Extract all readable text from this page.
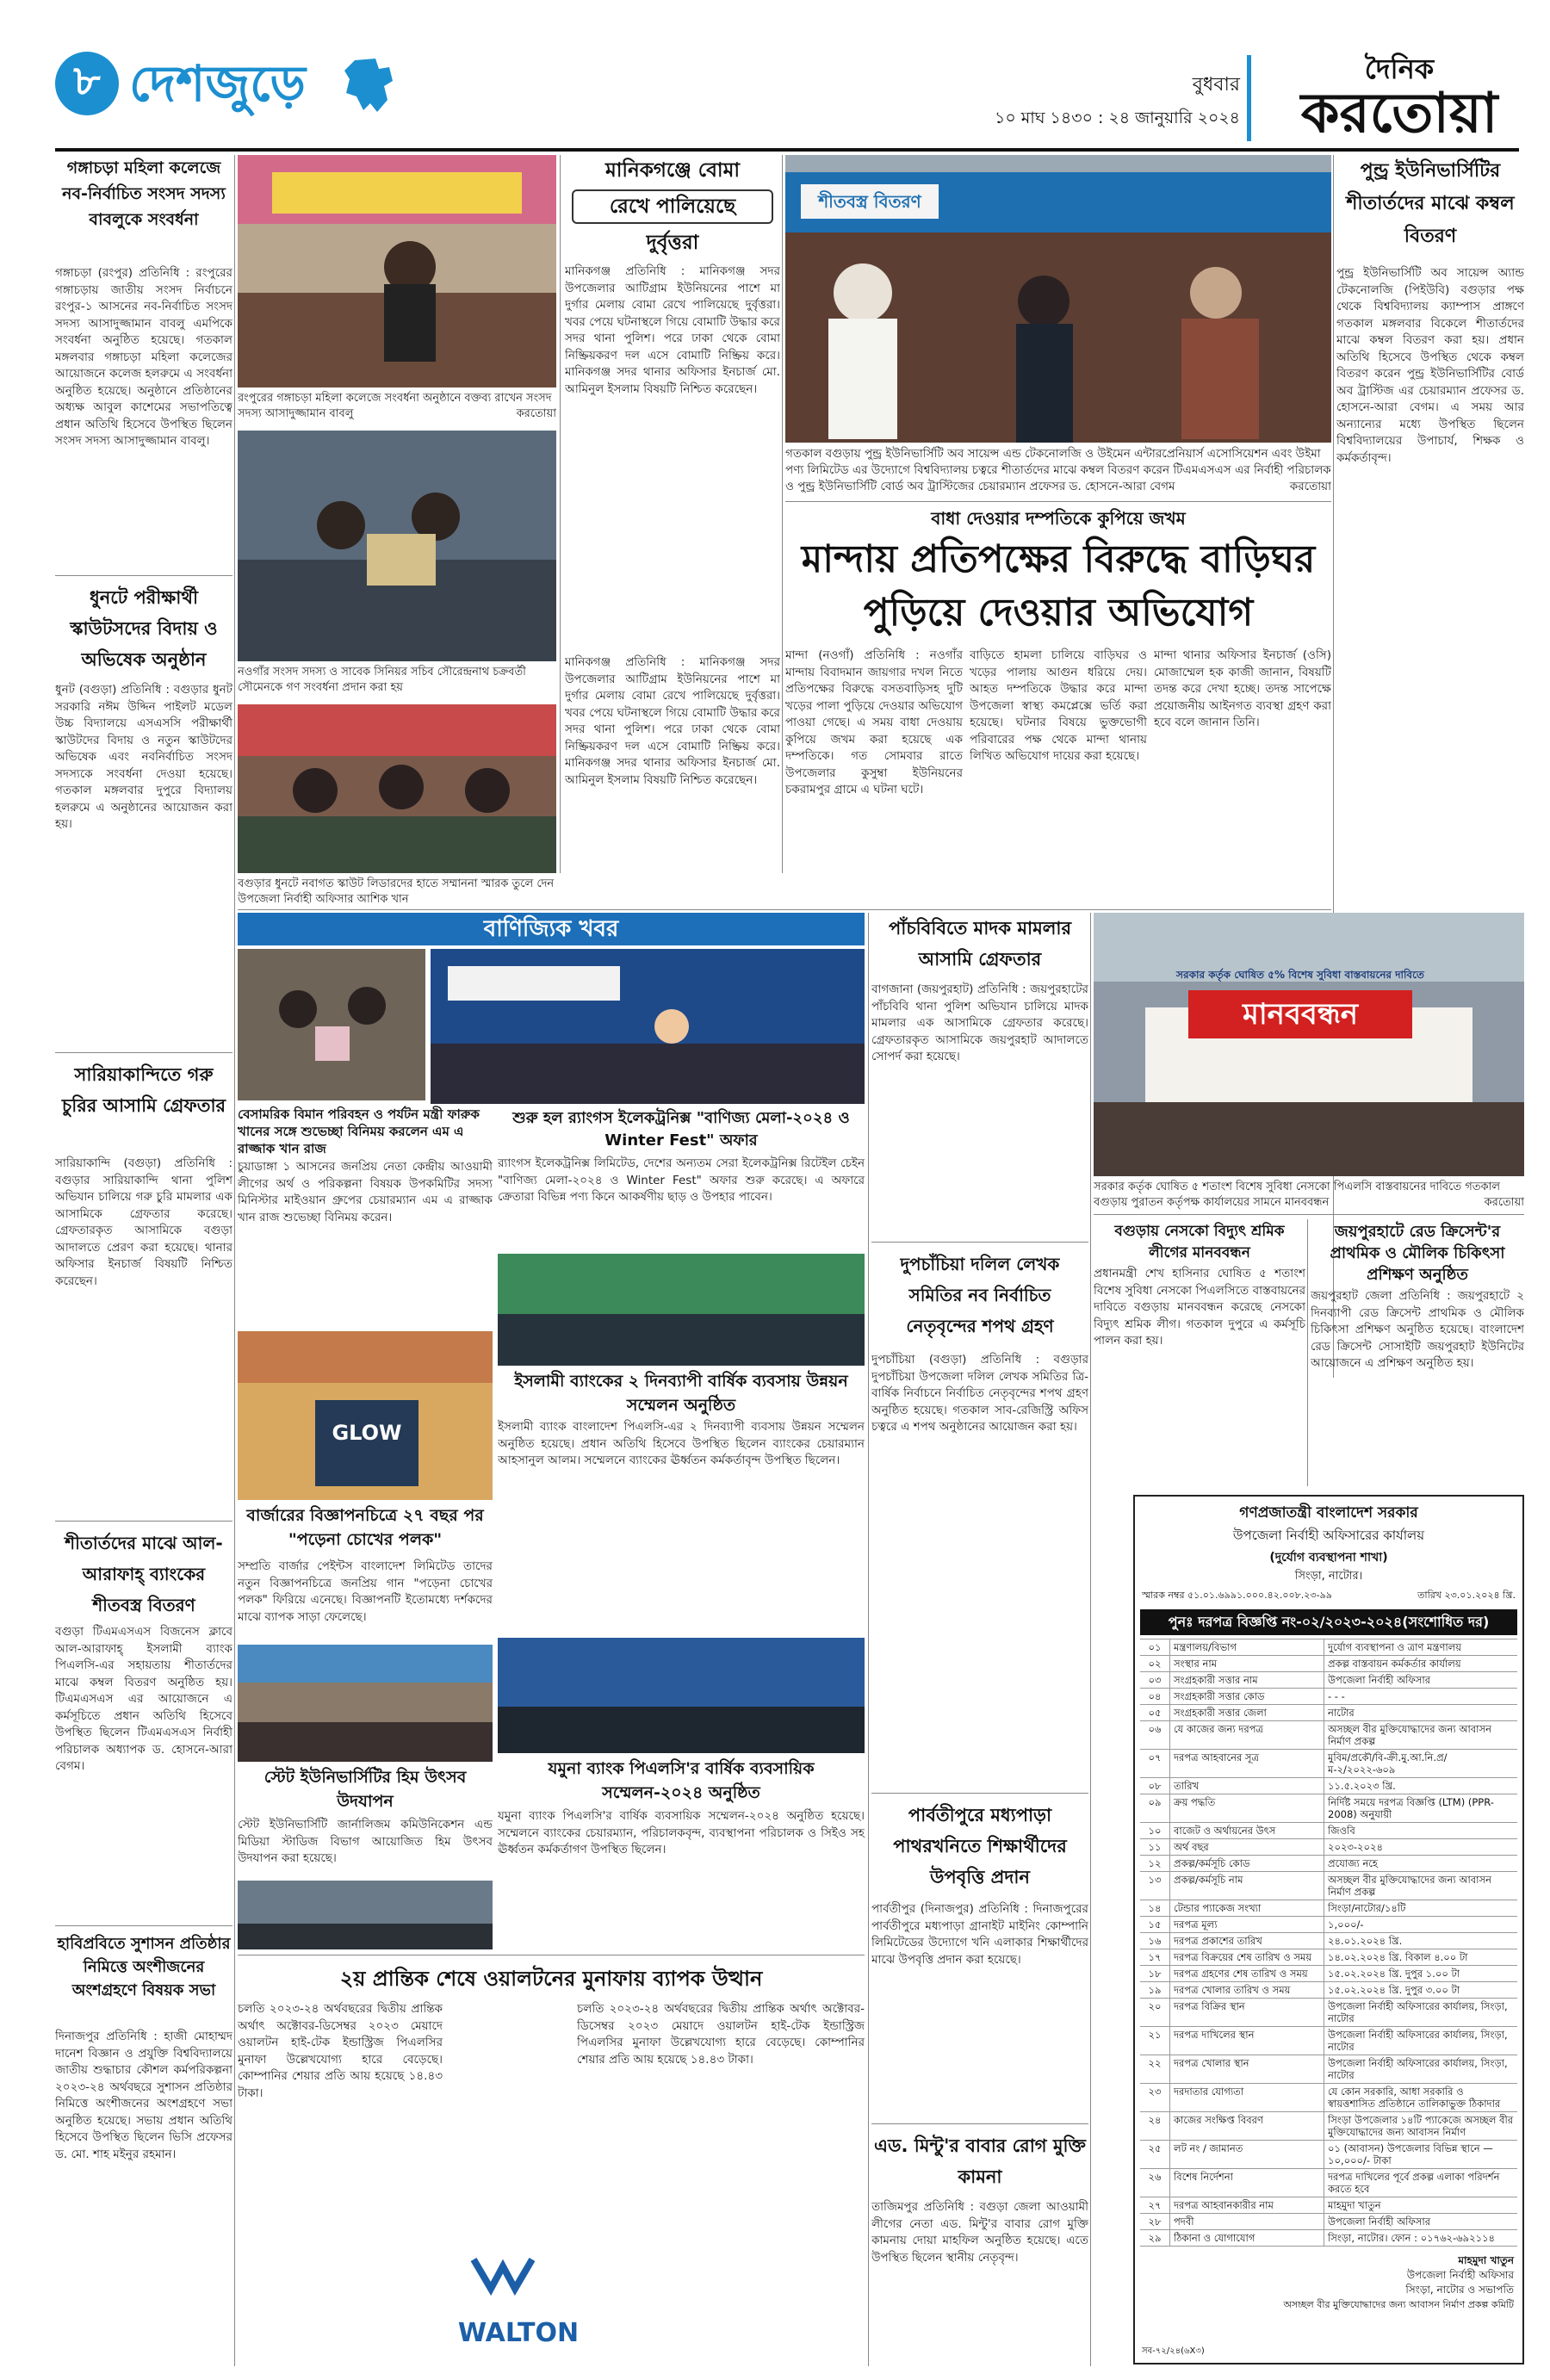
৮ দেশজুড়ে	বুধবার
১০ মাঘ ১৪৩০ : ২৪ জানুয়ারি ২০২৪
দৈনিক
করতোয়া
গঙ্গাচড়া মহিলা কলেজে নব-নির্বাচিত সংসদ সদস্য বাবলুকে সংবর্ধনা
গঙ্গাচড়া (রংপুর) প্রতিনিধি : রংপুরের গঙ্গাচড়ায় জাতীয় সংসদ নির্বাচনে রংপুর-১ আসনের নব-নির্বাচিত সংসদ সদস্য আসাদুজ্জামান বাবলু এমপিকে সংবর্ধনা অনুষ্ঠিত হয়েছে। গতকাল মঙ্গলবার গঙ্গাচড়া মহিলা কলেজের আয়োজনে কলেজ হলরুমে এ সংবর্ধনা অনুষ্ঠিত হয়েছে। অনুষ্ঠানে প্রতিষ্ঠানের অধ্যক্ষ আবুল কাশেমের সভাপতিত্বে প্রধান অতিথি হিসেবে উপস্থিত ছিলেন সংসদ সদস্য আসাদুজ্জামান বাবলু।
ধুনটে পরীক্ষার্থী স্কাউটসদের বিদায় ও অভিষেক অনুষ্ঠান
ধুনট (বগুড়া) প্রতিনিধি : বগুড়ার ধুনট সরকারি নঈম উদ্দিন পাইলট মডেল উচ্চ বিদ্যালয়ে এসএসসি পরীক্ষার্থী স্কাউটদের বিদায় ও নতুন স্কাউটদের অভিষেক এবং নবনির্বাচিত সংসদ সদস্যকে সংবর্ধনা দেওয়া হয়েছে। গতকাল মঙ্গলবার দুপুরে বিদ্যালয় হলরুমে এ অনুষ্ঠানের আয়োজন করা হয়।
সারিয়াকান্দিতে গরু চুরির আসামি গ্রেফতার
সারিয়াকান্দি (বগুড়া) প্রতিনিধি : বগুড়ার সারিয়াকান্দি থানা পুলিশ অভিযান চালিয়ে গরু চুরি মামলার এক আসামিকে গ্রেফতার করেছে। গ্রেফতারকৃত আসামিকে বগুড়া আদালতে প্রেরণ করা হয়েছে। থানার অফিসার ইনচার্জ বিষয়টি নিশ্চিত করেছেন।
শীতার্তদের মাঝে আল-আরাফাহ্ ব্যাংকের শীতবস্ত্র বিতরণ
বগুড়া টিএমএসএস বিজনেস ক্লাবে আল-আরাফাহ্ ইসলামী ব্যাংক পিএলসি-এর সহায়তায় শীতার্তদের মাঝে কম্বল বিতরণ অনুষ্ঠিত হয়। টিএমএসএস এর আয়োজনে এ কর্মসূচিতে প্রধান অতিথি হিসেবে উপস্থিত ছিলেন টিএমএসএস নির্বাহী পরিচালক অধ্যাপক ড. হোসনে-আরা বেগম।
হাবিপ্রবিতে সুশাসন প্রতিষ্ঠার নিমিত্তে অংশীজনের অংশগ্রহণে বিষয়ক সভা
দিনাজপুর প্রতিনিধি : হাজী মোহাম্মদ দানেশ বিজ্ঞান ও প্রযুক্তি বিশ্ববিদ্যালয়ে জাতীয় শুদ্ধাচার কৌশল কর্মপরিকল্পনা ২০২৩-২৪ অর্থবছরে সুশাসন প্রতিষ্ঠার নিমিত্তে অংশীজনের অংশগ্রহণে সভা অনুষ্ঠিত হয়েছে। সভায় প্রধান অতিথি হিসেবে উপস্থিত ছিলেন ভিসি প্রফেসর ড. মো. শাহ মইনুর রহমান।
রংপুরের গঙ্গাচড়া মহিলা কলেজে সংবর্ধনা অনুষ্ঠানে বক্তব্য রাখেন সংসদ সদস্য আসাদুজ্জামান বাবলু	করতোয়া
নওগাঁর সংসদ সদস্য ও সাবেক সিনিয়র সচিব সৌরেন্দ্রনাথ চক্রবর্তী সৌমেনকে গণ সংবর্ধনা প্রদান করা হয়
বগুড়ার ধুনটে নবাগত স্কাউট লিডারদের হাতে সম্মাননা স্মারক তুলে দেন উপজেলা নির্বাহী অফিসার আশিক খান
মানিকগঞ্জে বোমা
রেখে পালিয়েছে
দুর্বৃত্তরা
মানিকগঞ্জ প্রতিনিধি : মানিকগঞ্জ সদর উপজেলার আটিগ্রাম ইউনিয়নের পাশে মা দুর্গার মেলায় বোমা রেখে পালিয়েছে দুর্বৃত্তরা। খবর পেয়ে ঘটনাস্থলে গিয়ে বোমাটি উদ্ধার করে সদর থানা পুলিশ। পরে ঢাকা থেকে বোমা নিষ্ক্রিয়করণ দল এসে বোমাটি নিষ্ক্রিয় করে। মানিকগঞ্জ সদর থানার অফিসার ইনচার্জ মো. আমিনুল ইসলাম বিষয়টি নিশ্চিত করেছেন।
মানিকগঞ্জ প্রতিনিধি : মানিকগঞ্জ সদর উপজেলার আটিগ্রাম ইউনিয়নের পাশে মা দুর্গার মেলায় বোমা রেখে পালিয়েছে দুর্বৃত্তরা। খবর পেয়ে ঘটনাস্থলে গিয়ে বোমাটি উদ্ধার করে সদর থানা পুলিশ। পরে ঢাকা থেকে বোমা নিষ্ক্রিয়করণ দল এসে বোমাটি নিষ্ক্রিয় করে। মানিকগঞ্জ সদর থানার অফিসার ইনচার্জ মো. আমিনুল ইসলাম বিষয়টি নিশ্চিত করেছেন।
শীতবস্ত্র বিতরণ
গতকাল বগুড়ায় পুন্ড্র ইউনিভার্সিটি অব সায়েন্স এন্ড টেকনোলজি ও উইমেন এন্টারপ্রেনিয়ার্স এসোসিয়েশন এবং উইমা পণ্য লিমিটেড এর উদ্যোগে বিশ্ববিদ্যালয় চত্বরে শীতার্তদের মাঝে কম্বল বিতরণ করেন টিএমএসএস এর নির্বাহী পরিচালক ও পুন্ড্র ইউনিভার্সিটি বোর্ড অব ট্রাস্টিজের চেয়ারম্যান প্রফেসর ড. হোসনে-আরা বেগম	করতোয়া
পুন্ড্র ইউনিভার্সিটির শীতার্তদের মাঝে কম্বল বিতরণ
পুন্ড্র ইউনিভার্সিটি অব সায়েন্স অ্যান্ড টেকনোলজি (পিইউবি) বগুড়ার পক্ষ থেকে বিশ্ববিদ্যালয় ক্যাম্পাস প্রাঙ্গণে গতকাল মঙ্গলবার বিকেলে শীতার্তদের মাঝে কম্বল বিতরণ করা হয়। প্রধান অতিথি হিসেবে উপস্থিত থেকে কম্বল বিতরণ করেন পুন্ড্র ইউনিভার্সিটির বোর্ড অব ট্রাস্টিজ এর চেয়ারম্যান প্রফেসর ড. হোসনে-আরা বেগম। এ সময় আর অন্যান্যের মধ্যে উপস্থিত ছিলেন বিশ্ববিদ্যালয়ের উপাচার্য, শিক্ষক ও কর্মকর্তাবৃন্দ।
বাধা দেওয়ার দম্পতিকে কুপিয়ে জখম
মান্দায় প্রতিপক্ষের বিরুদ্ধে বাড়িঘর
পুড়িয়ে দেওয়ার অভিযোগ
মান্দা (নওগাঁ) প্রতিনিধি : নওগাঁর মান্দায় বিবাদমান জায়গার দখল নিতে প্রতিপক্ষের বিরুদ্ধে বসতবাড়িসহ দুটি খড়ের পালা পুড়িয়ে দেওয়ার অভিযোগ পাওয়া গেছে। এ সময় বাধা দেওয়ায় কুপিয়ে জখম করা হয়েছে এক দম্পতিকে। গত সোমবার রাতে উপজেলার কুসুম্বা ইউনিয়নের চকরামপুর গ্রামে এ ঘটনা ঘটে।
বাড়িতে হামলা চালিয়ে বাড়িঘর ও খড়ের পালায় আগুন ধরিয়ে দেয়। আহত দম্পতিকে উদ্ধার করে মান্দা উপজেলা স্বাস্থ্য কমপ্লেক্সে ভর্তি করা হয়েছে। ঘটনার বিষয়ে ভুক্তভোগী পরিবারের পক্ষ থেকে মান্দা থানায় লিখিত অভিযোগ দায়ের করা হয়েছে।
মান্দা থানার অফিসার ইনচার্জ (ওসি) মোজাম্মেল হক কাজী জানান, বিষয়টি তদন্ত করে দেখা হচ্ছে। তদন্ত সাপেক্ষে প্রয়োজনীয় আইনগত ব্যবস্থা গ্রহণ করা হবে বলে জানান তিনি।
বাণিজ্যিক খবর	পাঁচবিবিতে মাদক মামলার আসামি গ্রেফতার
বাগজানা (জয়পুরহাট) প্রতিনিধি : জয়পুরহাটের পাঁচবিবি থানা পুলিশ অভিযান চালিয়ে মাদক মামলার এক আসামিকে গ্রেফতার করেছে। গ্রেফতারকৃত আসামিকে জয়পুরহাট আদালতে সোপর্দ করা হয়েছে।
দুপচাঁচিয়া দলিল লেখক সমিতির নব নির্বাচিত নেতৃবৃন্দের শপথ গ্রহণ
দুপচাঁচিয়া (বগুড়া) প্রতিনিধি : বগুড়ার দুপচাঁচিয়া উপজেলা দলিল লেখক সমিতির ত্রি-বার্ষিক নির্বাচনে নির্বাচিত নেতৃবৃন্দের শপথ গ্রহণ অনুষ্ঠিত হয়েছে। গতকাল সাব-রেজিস্ট্রি অফিস চত্বরে এ শপথ অনুষ্ঠানের আয়োজন করা হয়।
পার্বতীপুরে মধ্যপাড়া পাথরখনিতে শিক্ষার্থীদের উপবৃত্তি প্রদান
পার্বতীপুর (দিনাজপুর) প্রতিনিধি : দিনাজপুরের পার্বতীপুরে মধ্যপাড়া গ্রানাইট মাইনিং কোম্পানি লিমিটেডের উদ্যোগে খনি এলাকার শিক্ষার্থীদের মাঝে উপবৃত্তি প্রদান করা হয়েছে।
এড. মিন্টু'র বাবার রোগ মুক্তি কামনা
তাজিমপুর প্রতিনিধি : বগুড়া জেলা আওয়ামী লীগের নেতা এড. মিন্টু'র বাবার রোগ মুক্তি কামনায় দোয়া মাহফিল অনুষ্ঠিত হয়েছে। এতে উপস্থিত ছিলেন স্থানীয় নেতৃবৃন্দ।
সরকার কর্তৃক ঘোষিত ৫% বিশেষ সুবিধা বাস্তবায়নের দাবিতে
মানববন্ধন
সরকার কর্তৃক ঘোষিত ৫ শতাংশ বিশেষ সুবিধা নেসকো পিএলসি বাস্তবায়নের দাবিতে গতকাল বগুড়ায় পুরাতন কর্তৃপক্ষ কার্যালয়ের সামনে মানববন্ধন	করতোয়া
বগুড়ায় নেসকো বিদ্যুৎ শ্রমিক লীগের মানববন্ধন
প্রধানমন্ত্রী শেখ হাসিনার ঘোষিত ৫ শতাংশ বিশেষ সুবিধা নেসকো পিএলসিতে বাস্তবায়নের দাবিতে বগুড়ায় মানববন্ধন করেছে নেসকো বিদ্যুৎ শ্রমিক লীগ। গতকাল দুপুরে এ কর্মসূচি পালন করা হয়।
জয়পুরহাটে রেড ক্রিসেন্ট'র প্রাথমিক ও মৌলিক চিকিৎসা প্রশিক্ষণ অনুষ্ঠিত
জয়পুরহাট জেলা প্রতিনিধি : জয়পুরহাটে ২ দিনব্যাপী রেড ক্রিসেন্ট প্রাথমিক ও মৌলিক চিকিৎসা প্রশিক্ষণ অনুষ্ঠিত হয়েছে। বাংলাদেশ রেড ক্রিসেন্ট সোসাইটি জয়পুরহাট ইউনিটের আয়োজনে এ প্রশিক্ষণ অনুষ্ঠিত হয়।
গণপ্রজাতন্ত্রী বাংলাদেশ সরকার
উপজেলা নির্বাহী অফিসারের কার্যালয়
(দুর্যোগ ব্যবস্থাপনা শাখা)
সিংড়া, নাটোর।
স্মারক নম্বর ৫১.০১.৬৯৯১.০০০.৪২.০০৮.২৩-৯৯	তারিখ ২৩.০১.২০২৪ খ্রি.
পুনঃ দরপত্র বিজ্ঞপ্তি নং-০২/২০২৩-২০২৪(সংশোধিত দর)
০১	মন্ত্রণালয়/বিভাগ	দুর্যোগ ব্যবস্থাপনা ও ত্রাণ মন্ত্রণালয়
০২	সংস্থার নাম	প্রকল্প বাস্তবায়ন কর্মকর্তার কার্যালয়
০৩	সংগ্রহকারী সত্তার নাম	উপজেলা নির্বাহী অফিসার
০৪	সংগ্রহকারী সত্তার কোড	- - -
০৫	সংগ্রহকারী সত্তার জেলা	নাটোর
০৬	যে কাজের জন্য দরপত্র	অসচ্ছল বীর মুক্তিযোদ্ধাদের জন্য আবাসন নির্মাণ প্রকল্প
০৭	দরপত্র আহবানের সূত্র	মুবিম/প্রকৌ/বি-ক্রী.মু.আ.নি.প্র/ম-২/২০২২-৬০৯
০৮	তারিখ	১১.৫.২০২৩ খ্রি.
০৯	ক্রয় পদ্ধতি	নির্দিষ্ট সময়ে দরপত্র বিজ্ঞপ্তি (LTM) (PPR-2008) অনুযায়ী
১০	বাজেট ও অর্থায়নের উৎস	জিওবি
১১	অর্থ বছর	২০২৩-২০২৪
১২	প্রকল্প/কর্মসূচি কোড	প্রযোজ্য নহে
১৩	প্রকল্প/কর্মসূচি নাম	অসচ্ছল বীর মুক্তিযোদ্ধাদের জন্য আবাসন নির্মাণ প্রকল্প
১৪	টেন্ডার প্যাকেজ সংখ্যা	সিংড়া/নাটোর/১৪টি
১৫	দরপত্র মূল্য	১,০০০/-
১৬	দরপত্র প্রকাশের তারিখ	২৪.০১.২০২৪ খ্রি.
১৭	দরপত্র বিক্রয়ের শেষ তারিখ ও সময়	১৪.০২.২০২৪ খ্রি. বিকাল ৪.০০ টা
১৮	দরপত্র গ্রহণের শেষ তারিখ ও সময়	১৫.০২.২০২৪ খ্রি. দুপুর ১.০০ টা
১৯	দরপত্র খোলার তারিখ ও সময়	১৫.০২.২০২৪ খ্রি. দুপুর ৩.০০ টা
২০	দরপত্র বিক্রির স্থান	উপজেলা নির্বাহী অফিসারের কার্যালয়, সিংড়া, নাটোর
২১	দরপত্র দাখিলের স্থান	উপজেলা নির্বাহী অফিসারের কার্যালয়, সিংড়া, নাটোর
২২	দরপত্র খোলার স্থান	উপজেলা নির্বাহী অফিসারের কার্যালয়, সিংড়া, নাটোর
২৩	দরদাতার যোগ্যতা	যে কোন সরকারি, আধা সরকারি ও স্বায়ত্তশাসিত প্রতিষ্ঠানে তালিকাভুক্ত ঠিকাদার
২৪	কাজের সংক্ষিপ্ত বিবরণ	সিংড়া উপজেলার ১৪টি প্যাকেজে অসচ্ছল বীর মুক্তিযোদ্ধাদের জন্য আবাসন নির্মাণ
২৫	লট নং / জামানত	০১ (আবাসন) উপজেলার বিভিন্ন স্থানে — ১০,০০০/- টাকা
২৬	বিশেষ নির্দেশনা	দরপত্র দাখিলের পূর্বে প্রকল্প এলাকা পরিদর্শন করতে হবে
২৭	দরপত্র আহবানকারীর নাম	মাহমুদা খাতুন
২৮	পদবী	উপজেলা নির্বাহী অফিসার
২৯	ঠিকানা ও যোগাযোগ	সিংড়া, নাটোর। ফোন : ০১৭৬২-৬৯২১১৪
মাহমুদা খাতুন
উপজেলা নির্বাহী অফিসার
সিংড়া, নাটোর ও সভাপতি
অসচ্ছল বীর মুক্তিযোদ্ধাদের জন্য আবাসন নির্মাণ প্রকল্প কমিটি
সব-৭২/২৪(৬X৩)
বেসামরিক বিমান পরিবহন ও পর্যটন মন্ত্রী ফারুক খানের সঙ্গে শুভেচ্ছা বিনিময় করলেন এম এ রাজ্জাক খান রাজ
চুয়াডাঙ্গা ১ আসনের জনপ্রিয় নেতা কেন্দ্রীয় আওয়ামী লীগের অর্থ ও পরিকল্পনা বিষয়ক উপকমিটির সদস্য মিনিস্টার মাইওয়ান গ্রুপের চেয়ারম্যান এম এ রাজ্জাক খান রাজ শুভেচ্ছা বিনিময় করেন।
শুরু হল র‌্যাংগস ইলেকট্রনিক্স "বাণিজ্য মেলা-২০২৪ ও Winter Fest" অফার
র‌্যাংগস ইলেকট্রনিক্স লিমিটেড, দেশের অন্যতম সেরা ইলেকট্রনিক্স রিটেইল চেইন "বাণিজ্য মেলা-২০২৪ ও Winter Fest" অফার শুরু করেছে। এ অফারে ক্রেতারা বিভিন্ন পণ্য কিনে আকর্ষণীয় ছাড় ও উপহার পাবেন।
GLOW
বার্জারের বিজ্ঞাপনচিত্রে ২৭ বছর পর "পড়েনা চোখের পলক"
সম্প্রতি বার্জার পেইন্টস বাংলাদেশ লিমিটেড তাদের নতুন বিজ্ঞাপনচিত্রে জনপ্রিয় গান "পড়েনা চোখের পলক" ফিরিয়ে এনেছে। বিজ্ঞাপনটি ইতোমধ্যে দর্শকদের মাঝে ব্যাপক সাড়া ফেলেছে।
ইসলামী ব্যাংকের ২ দিনব্যাপী বার্ষিক ব্যবসায় উন্নয়ন সম্মেলন অনুষ্ঠিত
ইসলামী ব্যাংক বাংলাদেশ পিএলসি-এর ২ দিনব্যাপী ব্যবসায় উন্নয়ন সম্মেলন অনুষ্ঠিত হয়েছে। প্রধান অতিথি হিসেবে উপস্থিত ছিলেন ব্যাংকের চেয়ারম্যান আহসানুল আলম। সম্মেলনে ব্যাংকের ঊর্ধ্বতন কর্মকর্তাবৃন্দ উপস্থিত ছিলেন।
স্টেট ইউনিভার্সিটির হিম উৎসব উদযাপন
স্টেট ইউনিভার্সিটি জার্নালিজম কমিউনিকেশন এন্ড মিডিয়া স্টাডিজ বিভাগ আয়োজিত হিম উৎসব উদযাপন করা হয়েছে।
যমুনা ব্যাংক পিএলসি'র বার্ষিক ব্যবসায়িক সম্মেলন-২০২৪ অনুষ্ঠিত
যমুনা ব্যাংক পিএলসি'র বার্ষিক ব্যবসায়িক সম্মেলন-২০২৪ অনুষ্ঠিত হয়েছে। সম্মেলনে ব্যাংকের চেয়ারম্যান, পরিচালকবৃন্দ, ব্যবস্থাপনা পরিচালক ও সিইও সহ ঊর্ধ্বতন কর্মকর্তাগণ উপস্থিত ছিলেন।
২য় প্রান্তিক শেষে ওয়ালটনের মুনাফায় ব্যাপক উত্থান
চলতি ২০২৩-২৪ অর্থবছরের দ্বিতীয় প্রান্তিক অর্থাৎ অক্টোবর-ডিসেম্বর ২০২৩ মেয়াদে ওয়ালটন হাই-টেক ইন্ডাস্ট্রিজ পিএলসির মুনাফা উল্লেখযোগ্য হারে বেড়েছে। কোম্পানির শেয়ার প্রতি আয় হয়েছে ১৪.৪৩ টাকা।
চলতি ২০২৩-২৪ অর্থবছরের দ্বিতীয় প্রান্তিক অর্থাৎ অক্টোবর-ডিসেম্বর ২০২৩ মেয়াদে ওয়ালটন হাই-টেক ইন্ডাস্ট্রিজ পিএলসির মুনাফা উল্লেখযোগ্য হারে বেড়েছে। কোম্পানির শেয়ার প্রতি আয় হয়েছে ১৪.৪৩ টাকা।
WALTON
